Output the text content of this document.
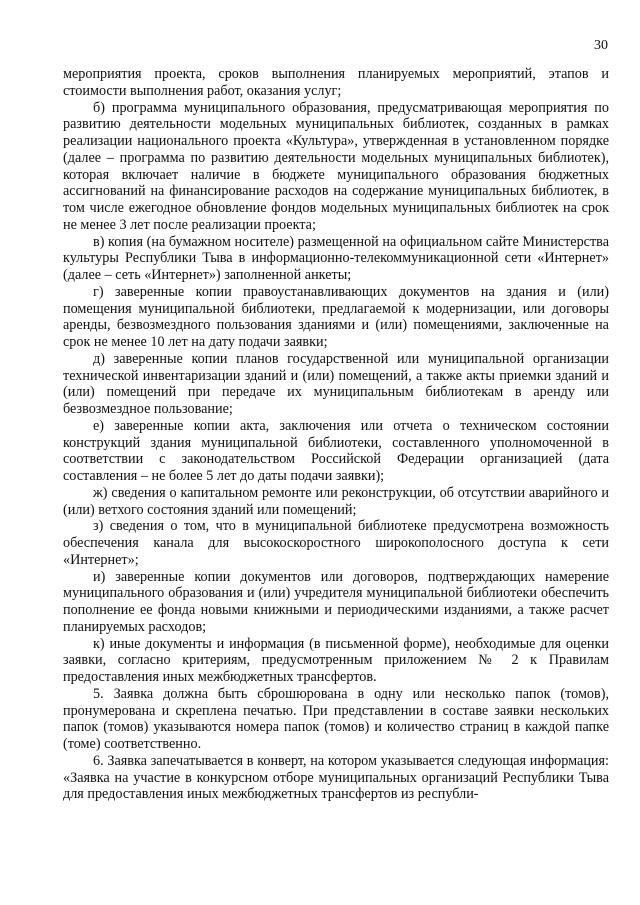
30

мероприятия проекта, сроков выполнения планируемых мероприятий, этапов и стоимости выполнения работ, оказания услуг;

б) программа муниципального образования, предусматривающая мероприятия по развитию деятельности модельных муниципальных библиотек, созданных в рамках реализации национального проекта «Культура», утвержденная в установленном порядке (далее – программа по развитию деятельности модельных муниципальных библиотек), которая включает наличие в бюджете муниципального образования бюджетных ассигнований на финансирование расходов на содержание муниципальных библиотек, в том числе ежегодное обновление фондов модельных муниципальных библиотек на срок не менее 3 лет после реализации проекта;

в) копия (на бумажном носителе) размещенной на официальном сайте Министерства культуры Республики Тыва в информационно-телекоммуникационной сети «Интернет» (далее – сеть «Интернет») заполненной анкеты;

г) заверенные копии правоустанавливающих документов на здания и (или) помещения муниципальной библиотеки, предлагаемой к модернизации, или договоры аренды, безвозмездного пользования зданиями и (или) помещениями, заключенные на срок не менее 10 лет на дату подачи заявки;

д) заверенные копии планов государственной или муниципальной организации технической инвентаризации зданий и (или) помещений, а также акты приемки зданий и (или) помещений при передаче их муниципальным библиотекам в аренду или безвозмездное пользование;

е) заверенные копии акта, заключения или отчета о техническом состоянии конструкций здания муниципальной библиотеки, составленного уполномоченной в соответствии с законодательством Российской Федерации организацией (дата составления – не более 5 лет до даты подачи заявки);

ж) сведения о капитальном ремонте или реконструкции, об отсутствии аварийного и (или) ветхого состояния зданий или помещений;

з) сведения о том, что в муниципальной библиотеке предусмотрена возможность обеспечения канала для высокоскоростного широкополосного доступа к сети «Интернет»;

и) заверенные копии документов или договоров, подтверждающих намерение муниципального образования и (или) учредителя муниципальной библиотеки обеспечить пополнение ее фонда новыми книжными и периодическими изданиями, а также расчет планируемых расходов;

к) иные документы и информация (в письменной форме), необходимые для оценки заявки, согласно критериям, предусмотренным приложением № 2 к Правилам предоставления иных межбюджетных трансфертов.

5. Заявка должна быть сброшюрована в одну или несколько папок (томов), пронумерована и скреплена печатью. При представлении в составе заявки нескольких папок (томов) указываются номера папок (томов) и количество страниц в каждой папке (томе) соответственно.

6. Заявка запечатывается в конверт, на котором указывается следующая информация: «Заявка на участие в конкурсном отборе муниципальных организаций Республики Тыва для предоставления иных межбюджетных трансфертов из республи-
